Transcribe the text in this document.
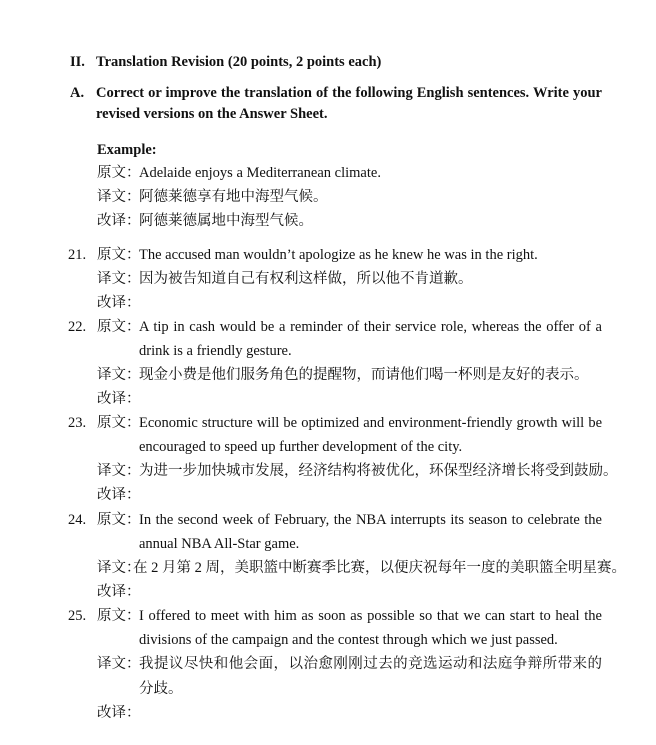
II. Translation Revision (20 points, 2 points each)
A. Correct or improve the translation of the following English sentences. Write your
revised versions on the Answer Sheet.
Example:
原文：
Adelaide enjoys a Mediterranean climate.
译文：
阿德莱德享有地中海型气候。
改译：
阿德莱德属地中海型气候。
21. 原文：
The accused man wouldn’t apologize as he knew he was in the right.
译文：
因为被告知道自己有权利这样做，所以他不肯道歉。
改译：
22. 原文：
A tip in cash would be a reminder of their service role, whereas the offer of a
drink is a friendly gesture.
译文：
现金小费是他们服务角色的提醒物，而请他们喝一杯则是友好的表示。
改译：
23. 原文：
Economic structure will be optimized and environment-friendly growth will be
encouraged to speed up further development of the city.
译文：
为进一步加快城市发展，经济结构将被优化，环保型经济增长将受到鼓励。
改译：
24. 原文：
In the second week of February, the NBA interrupts its season to celebrate the
annual NBA All-Star game.
译文：
在 2 月第 2 周，美职篮中断赛季比赛，以便庆祝每年一度的美职篮全明星赛。
改译：
25. 原文：
I offered to meet with him as soon as possible so that we can start to heal the
divisions of the campaign and the contest through which we just passed.
译文：
我提议尽快和他会面，以治愈刚刚过去的竞选运动和法庭争辩所带来的
分歧。
改译：
